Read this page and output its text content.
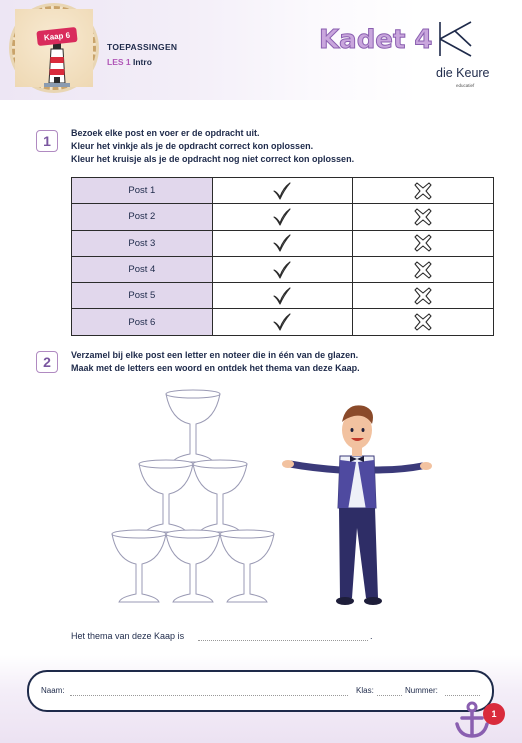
Kaap 6
TOEPASSINGEN
LES 1 Intro
Kadet 4
die Keure
educatief
1	Bezoek elke post en voer er de opdracht uit.
Kleur het vinkje als je de opdracht correct kon oplossen.
Kleur het kruisje als je de opdracht nog niet correct kon oplossen.
Post 1		
Post 2		
Post 3		
Post 4		
Post 5		
Post 6		
2	Verzamel bij elke post een letter en noteer die in één van de glazen.
Maak met de letters een woord en ontdek het thema van deze Kaap.
Het thema van deze Kaap is	.
Naam:	Klas:	Nummer:
1
